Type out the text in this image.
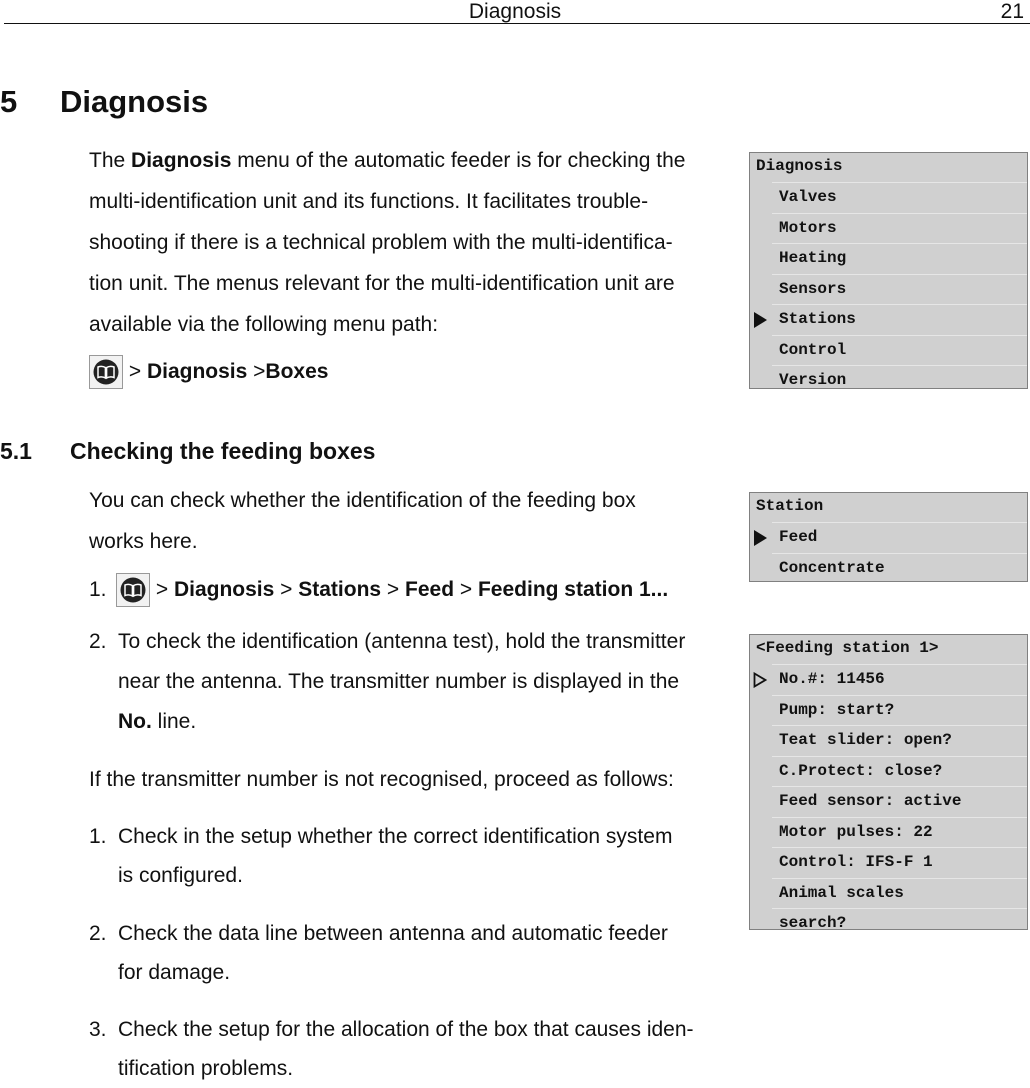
Diagnosis	21
5 Diagnosis
The Diagnosis menu of the automatic feeder is for checking the
multi-identification unit and its functions. It facilitates trouble-
shooting if there is a technical problem with the multi-identifica-
tion unit. The menus relevant for the multi-identification unit are
available via the following menu path:
> Diagnosis >Boxes
5.1 Checking the feeding boxes
You can check whether the identification of the feeding box
works here.
1.
> Diagnosis > Stations > Feed > Feeding station 1...
2. To check the identification (antenna test), hold the transmitter
near the antenna. The transmitter number is displayed in the
No. line.
If the transmitter number is not recognised, proceed as follows:
1. Check in the setup whether the correct identification system
is configured.
2. Check the data line between antenna and automatic feeder
for damage.
3. Check the setup for the allocation of the box that causes iden-
tification problems.
Diagnosis
Valves
Motors
Heating
Sensors
Stations
Control
Version
Station
Feed
Concentrate
<Feeding station 1>
No.#: 11456
Pump: start?
Teat slider: open?
C.Protect: close?
Feed sensor: active
Motor pulses: 22
Control: IFS-F 1
Animal scales
search?
